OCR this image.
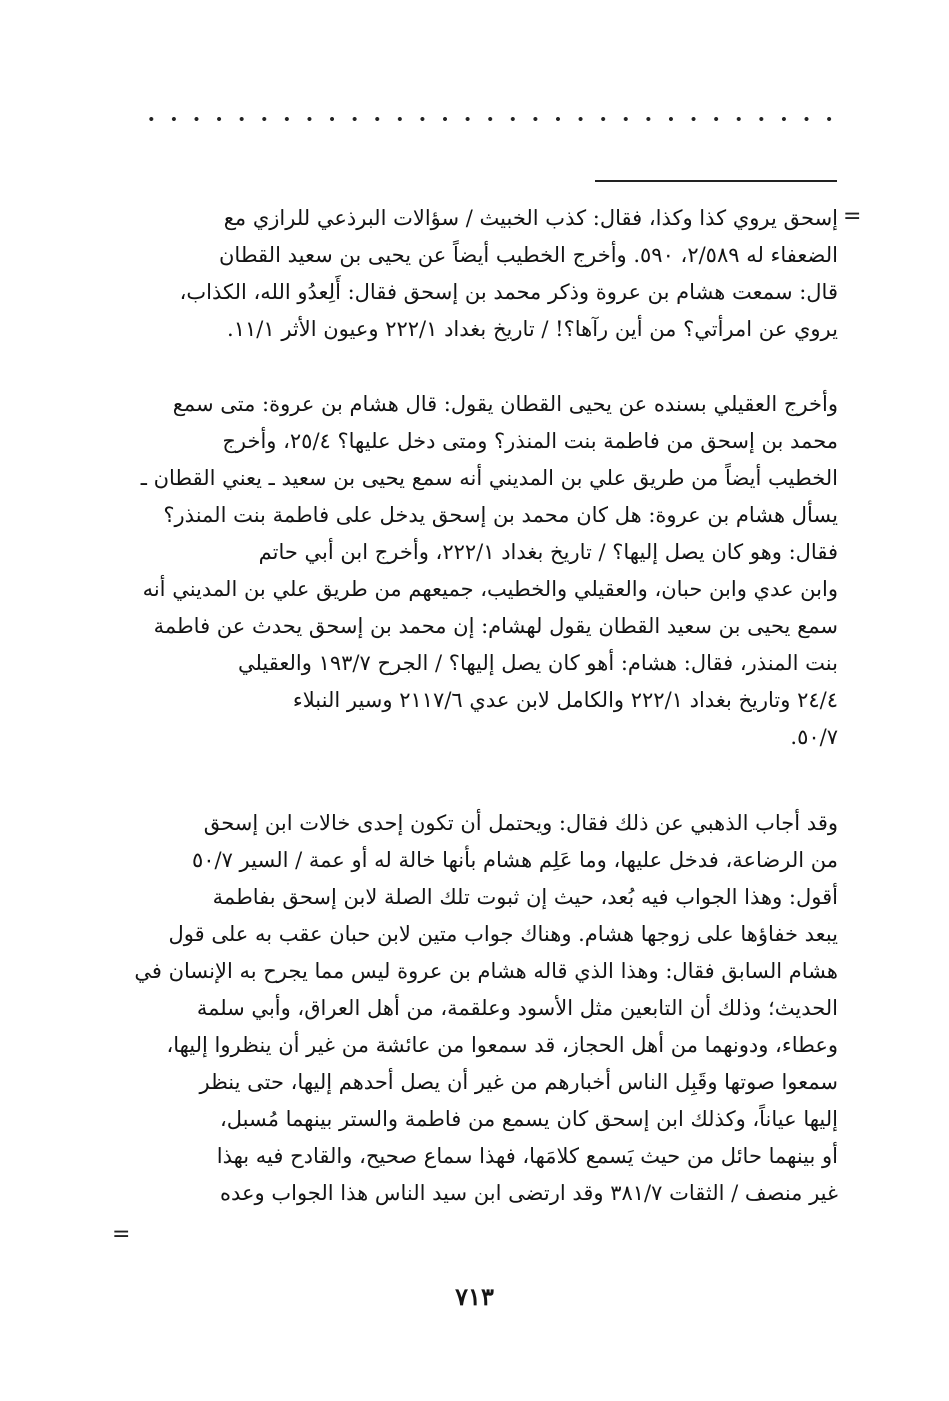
=
إسحق يروي كذا وكذا، فقال: كذب الخبيث / سؤالات البرذعي للرازي مع
الضعفاء له ٢/٥٨٩، ٥٩٠. وأخرج الخطيب أيضاً عن يحيى بن سعيد القطان
قال: سمعت هشام بن عروة وذكر محمد بن إسحق فقال: أَلِعدُو الله، الكذاب،
يروي عن امرأتي؟ من أين رآها؟! / تاريخ بغداد ٢٢٢/١ وعيون الأثر ١١/١.
وأخرج العقيلي بسنده عن يحيى القطان يقول: قال هشام بن عروة: متى سمع
محمد بن إسحق من فاطمة بنت المنذر؟ ومتى دخل عليها؟ ٢٥/٤، وأخرج
الخطيب أيضاً من طريق علي بن المديني أنه سمع يحيى بن سعيد ـ يعني القطان ـ
يسأل هشام بن عروة: هل كان محمد بن إسحق يدخل على فاطمة بنت المنذر؟
فقال: وهو كان يصل إليها؟ / تاريخ بغداد ٢٢٢/١، وأخرج ابن أبي حاتم
وابن عدي وابن حبان، والعقيلي والخطيب، جميعهم من طريق علي بن المديني أنه
سمع يحيى بن سعيد القطان يقول لهشام: إن محمد بن إسحق يحدث عن فاطمة
بنت المنذر، فقال: هشام: أهو كان يصل إليها؟ / الجرح ١٩٣/٧ والعقيلي
٢٤/٤ وتاريخ بغداد ٢٢٢/١ والكامل لابن عدي ٢١١٧/٦ وسير النبلاء
٥٠/٧.
وقد أجاب الذهبي عن ذلك فقال: ويحتمل أن تكون إحدى خالات ابن إسحق
من الرضاعة، فدخل عليها، وما عَلِم هشام بأنها خالة له أو عمة / السير ٥٠/٧
أقول: وهذا الجواب فيه بُعد، حيث إن ثبوت تلك الصلة لابن إسحق بفاطمة
يبعد خفاؤها على زوجها هشام. وهناك جواب متين لابن حبان عقب به على قول
هشام السابق فقال: وهذا الذي قاله هشام بن عروة ليس مما يجرح به الإنسان في
الحديث؛ وذلك أن التابعين مثل الأسود وعلقمة، من أهل العراق، وأبي سلمة
وعطاء، ودونهما من أهل الحجاز، قد سمعوا من عائشة من غير أن ينظروا إليها،
سمعوا صوتها وقَبِل الناس أخبارهم من غير أن يصل أحدهم إليها، حتى ينظر
إليها عياناً، وكذلك ابن إسحق كان يسمع من فاطمة والستر بينهما مُسبل،
أو بينهما حائل من حيث يَسمع كلامَها، فهذا سماع صحيح، والقادح فيه بهذا
غير منصف / الثقات ٣٨١/٧ وقد ارتضى ابن سيد الناس هذا الجواب وعده
=
٧١٣
